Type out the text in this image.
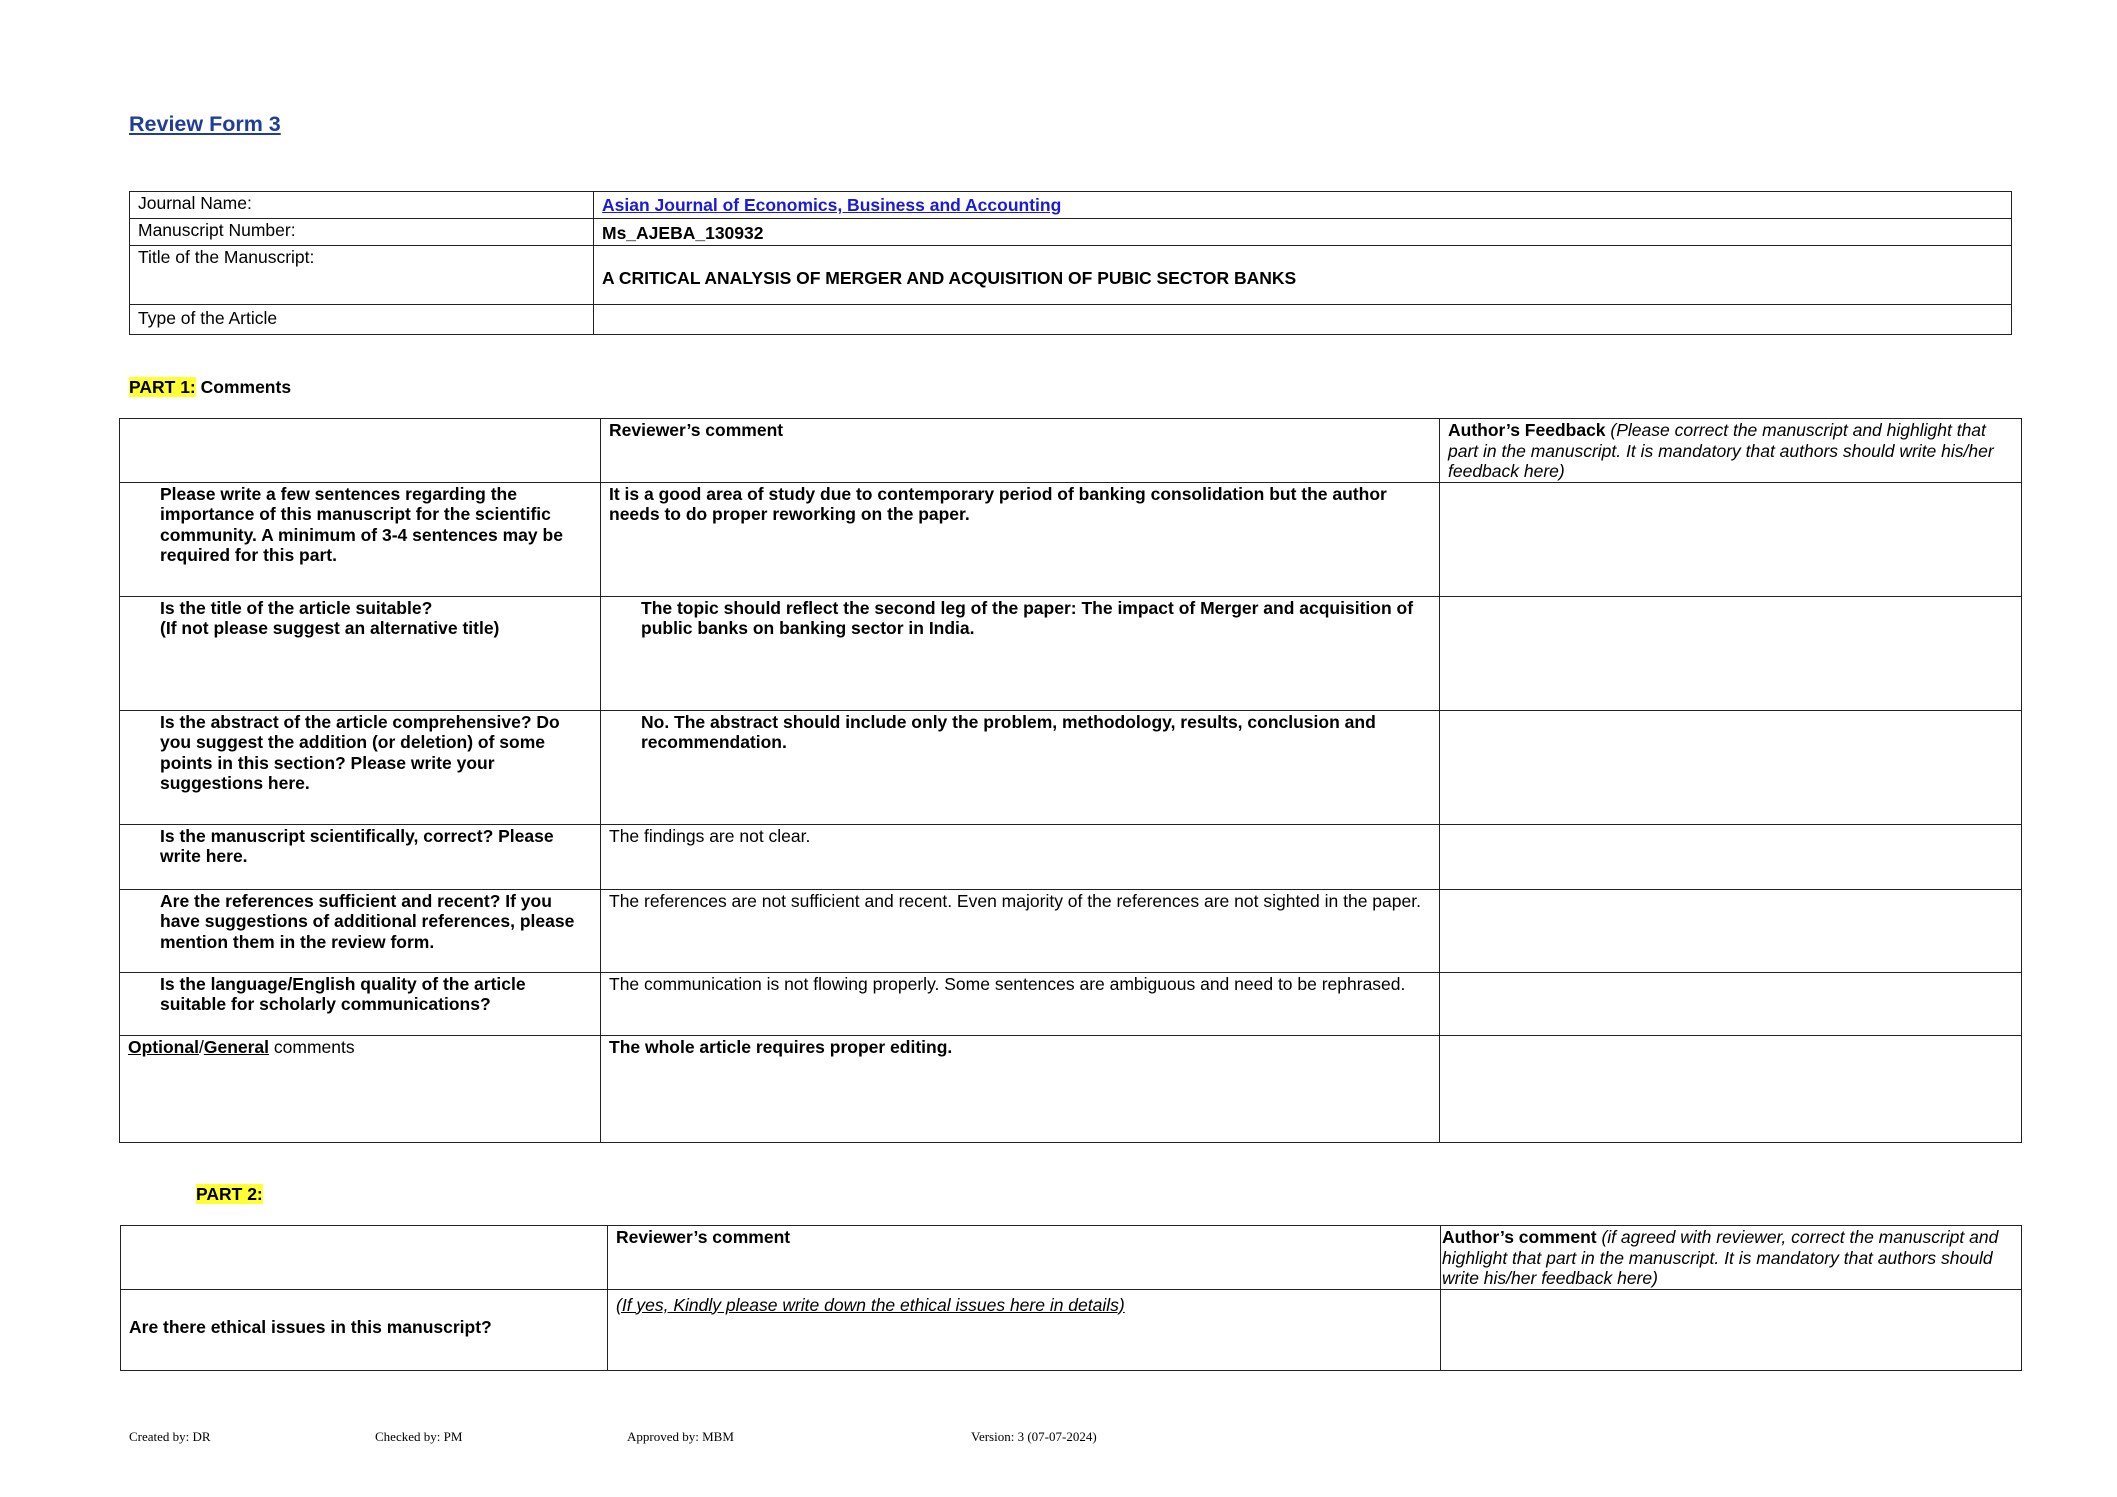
Review Form 3
Journal Name:	Asian Journal of Economics, Business and Accounting
Manuscript Number:	Ms_AJEBA_130932
Title of the Manuscript:	A CRITICAL ANALYSIS OF MERGER AND ACQUISITION OF PUBIC SECTOR BANKS
Type of the Article	
PART 1: Comments
	Reviewer’s comment	Author’s Feedback (Please correct the manuscript and highlight that part in the manuscript. It is mandatory that authors should write his/her feedback here)
Please write a few sentences regarding the importance of this manuscript for the scientific community. A minimum of 3-4 sentences may be required for this part.	It is a good area of study due to contemporary period of banking consolidation but the author needs to do proper reworking on the paper.	

Is the title of the article suitable?
(If not please suggest an alternative title)	The topic should reflect the second leg of the paper: The impact of Merger and acquisition of public banks on banking sector in India.	
Is the abstract of the article comprehensive? Do you suggest the addition (or deletion) of some points in this section? Please write your suggestions here.	No. The abstract should include only the problem, methodology, results, conclusion and recommendation.	
Is the manuscript scientifically, correct? Please write here.	The findings are not clear.	
Are the references sufficient and recent? If you have suggestions of additional references, please mention them in the review form.	The references are not sufficient and recent. Even majority of the references are not sighted in the paper.	
Is the language/English quality of the article suitable for scholarly communications?	The communication is not flowing properly. Some sentences are ambiguous and need to be rephrased.	
Optional/General comments	The whole article requires proper editing.	
PART 2:
	Reviewer’s comment	Author’s comment (if agreed with reviewer, correct the manuscript and highlight that part in the manuscript. It is mandatory that authors should write his/her feedback here)
Are there ethical issues in this manuscript?	(If yes, Kindly please write down the ethical issues here in details)	
Created by: DR	Checked by: PM	Approved by: MBM	Version: 3 (07-07-2024)
